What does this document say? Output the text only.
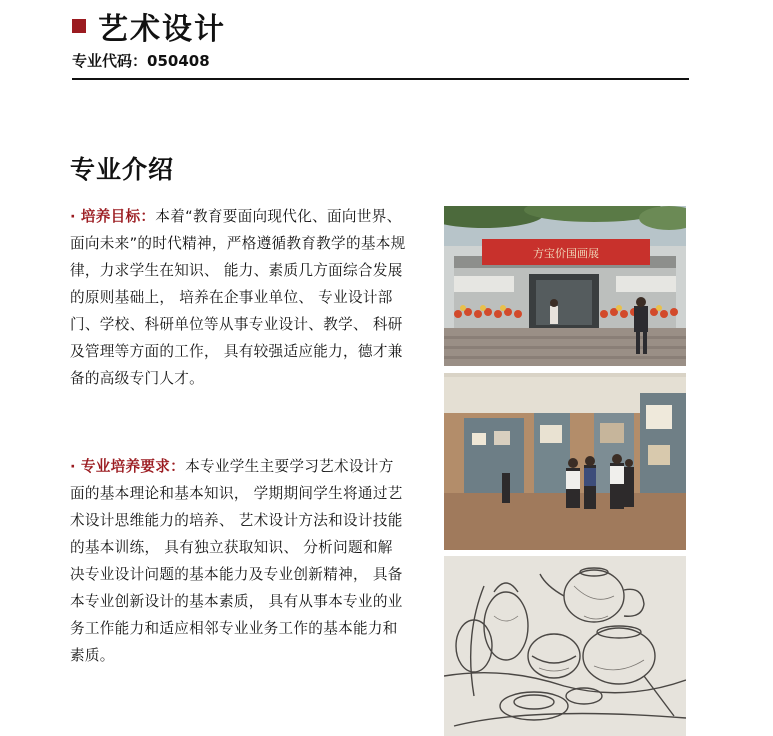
艺术设计
专业代码：050408
专业介绍
· 培养目标：本着“教育要面向现代化、面向世界、 面向未来”的时代精神，严格遵循教育教学的基本规律，力求学生在知识、 能力、素质几方面综合发展的原则基础上， 培养在企事业单位、 专业设计部门、学校、科研单位等从事专业设计、教学、 科研及管理等方面的工作， 具有较强适应能力，德才兼备的高级专门人才。
· 专业培养要求：本专业学生主要学习艺术设计方面的基本理论和基本知识， 学期期间学生将通过艺术设计思维能力的培养、 艺术设计方法和设计技能的基本训练， 具有独立获取知识、 分析问题和解决专业设计问题的基本能力及专业创新精神， 具备本专业创新设计的基本素质， 具有从事本专业的业务工作能力和适应相邻专业业务工作的基本能力和素质。
方宝价国画展
